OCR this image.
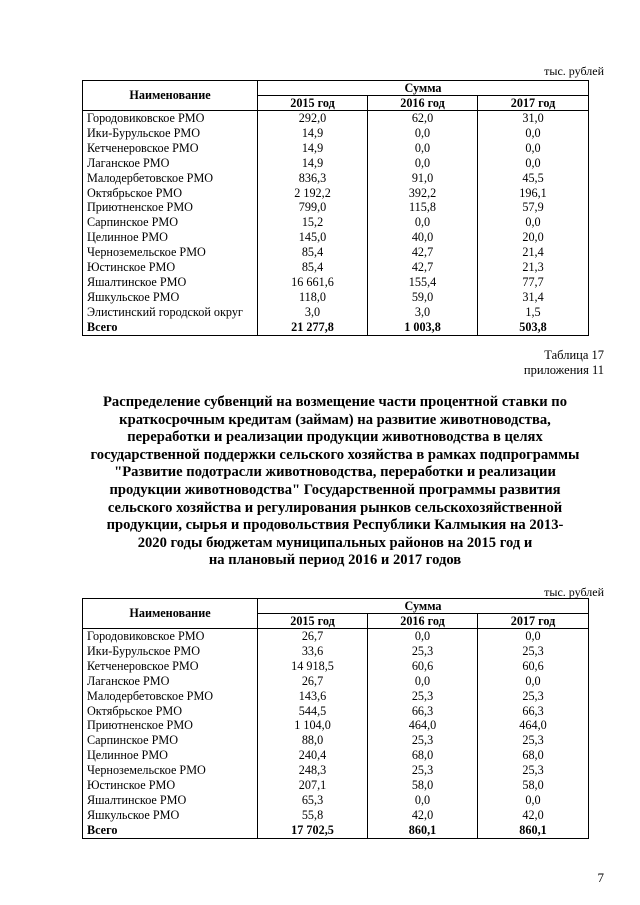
тыс. рублей
Наименование	Сумма		
	2015 год	2016 год	2017 год
Городовиковское РМО	292,0	62,0	31,0
Ики-Бурульское РМО	14,9	0,0	0,0
Кетченеровское РМО	14,9	0,0	0,0
Лаганское РМО	14,9	0,0	0,0
Малодербетовское РМО	836,3	91,0	45,5
Октябрьское РМО	2 192,2	392,2	196,1
Приютненское РМО	799,0	115,8	57,9
Сарпинское РМО	15,2	0,0	0,0
Целинное РМО	145,0	40,0	20,0
Черноземельское РМО	85,4	42,7	21,4
Юстинское РМО	85,4	42,7	21,3
Яшалтинское РМО	16 661,6	155,4	77,7
Яшкульское РМО	118,0	59,0	31,4
Элистинский городской округ	3,0	3,0	1,5
Всего	21 277,8	1 003,8	503,8
Таблица 17
приложения 11
Распределение субвенций на возмещение части процентной ставки по
краткосрочным кредитам (займам) на развитие животноводства,
переработки и реализации продукции животноводства в целях
государственной поддержки сельского хозяйства в рамках подпрограммы
"Развитие подотрасли животноводства, переработки и реализации
продукции животноводства" Государственной программы развития
сельского хозяйства и регулирования рынков сельскохозяйственной
продукции, сырья и продовольствия Республики Калмыкия на 2013-
2020 годы бюджетам муниципальных районов на 2015 год и
на плановый период 2016 и 2017 годов
тыс. рублей
Наименование	Сумма		
	2015 год	2016 год	2017 год
Городовиковское РМО	26,7	0,0	0,0
Ики-Бурульское РМО	33,6	25,3	25,3
Кетченеровское РМО	14 918,5	60,6	60,6
Лаганское РМО	26,7	0,0	0,0
Малодербетовское РМО	143,6	25,3	25,3
Октябрьское РМО	544,5	66,3	66,3
Приютненское РМО	1 104,0	464,0	464,0
Сарпинское РМО	88,0	25,3	25,3
Целинное РМО	240,4	68,0	68,0
Черноземельское РМО	248,3	25,3	25,3
Юстинское РМО	207,1	58,0	58,0
Яшалтинское РМО	65,3	0,0	0,0
Яшкульское РМО	55,8	42,0	42,0
Всего	17 702,5	860,1	860,1
7
